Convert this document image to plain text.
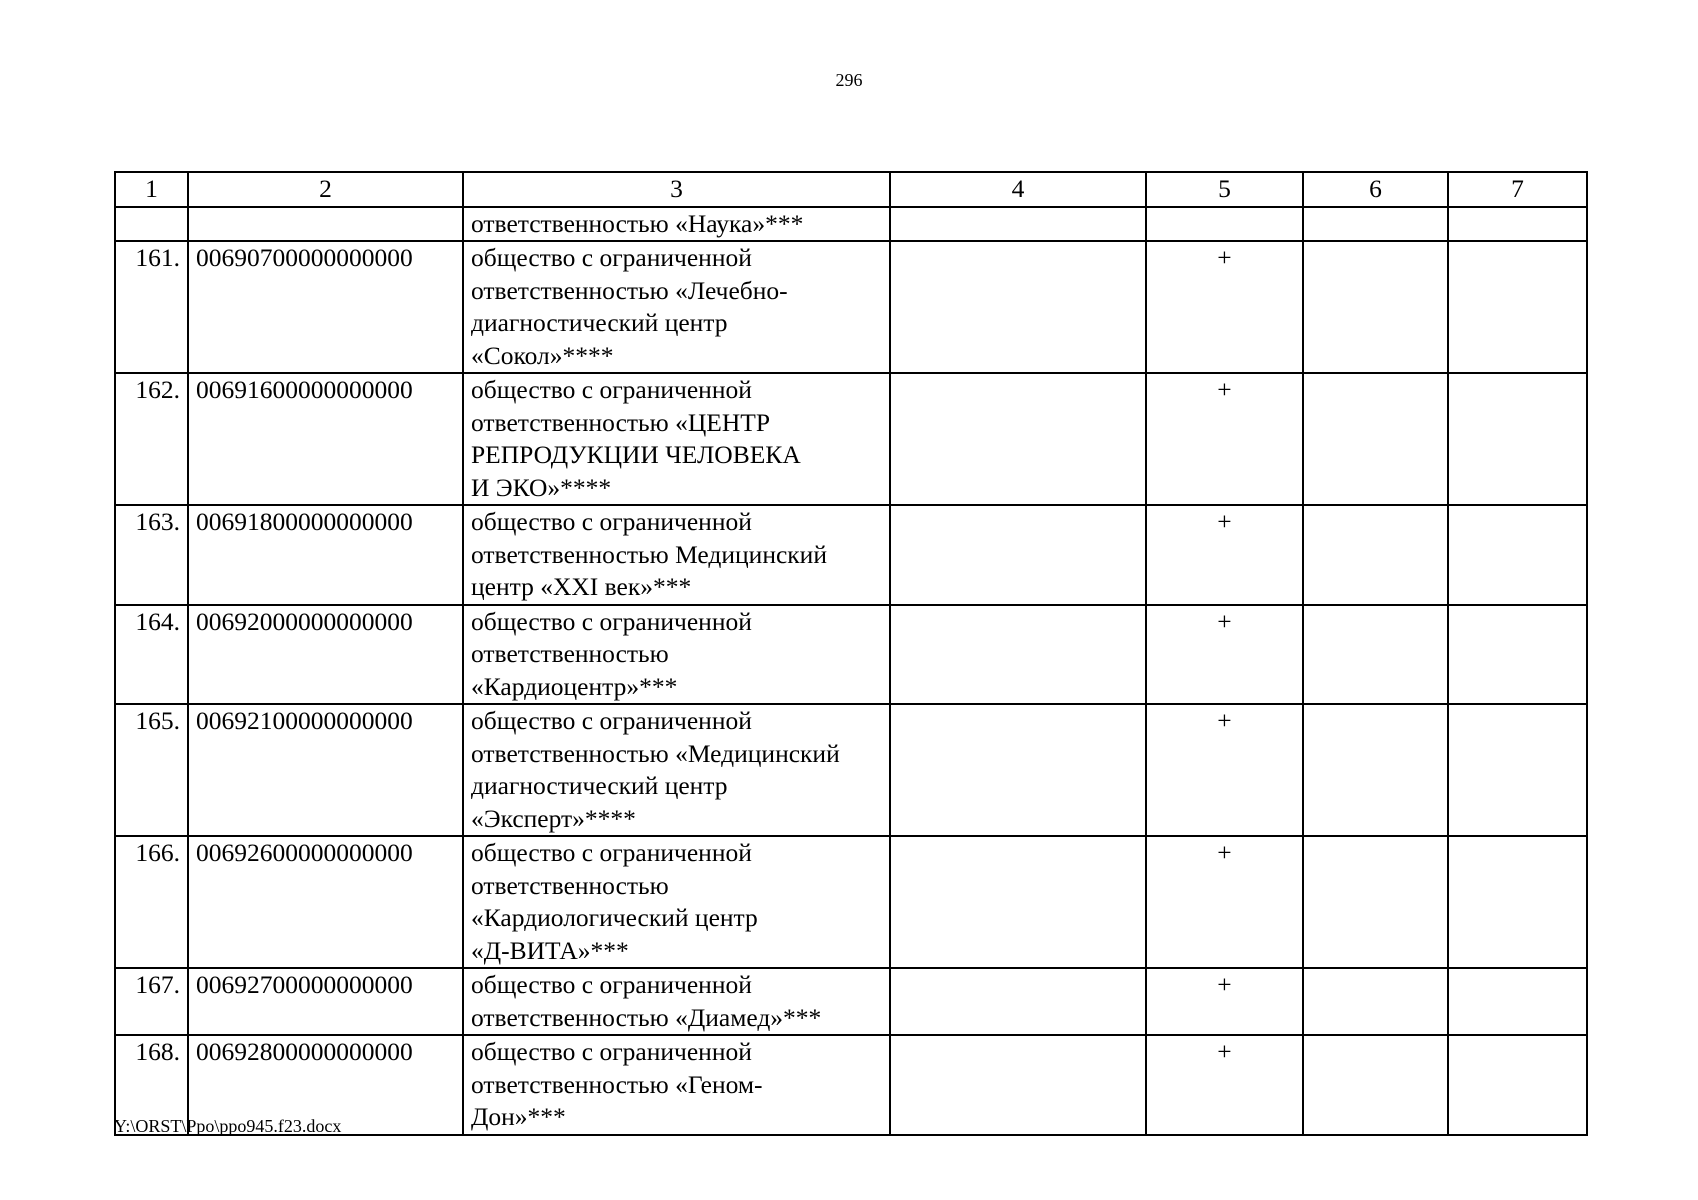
296
1	2	3	4	5	6	7

		ответственностью «Наука»***				

161.	00690700000000000	общество с ограниченной
ответственностью «Лечебно-
диагностический центр
«Сокол»****		+		
162.	00691600000000000	общество с ограниченной
ответственностью «ЦЕНТР
РЕПРОДУКЦИИ ЧЕЛОВЕКА
И ЭКО»****		+		
163.	00691800000000000	общество с ограниченной
ответственностью Медицинский
центр «XXI век»***		+		
164.	00692000000000000	общество с ограниченной
ответственностью
«Кардиоцентр»***		+		
165.	00692100000000000	общество с ограниченной
ответственностью «Медицинский
диагностический центр
«Эксперт»****		+		
166.	00692600000000000	общество с ограниченной
ответственностью
«Кардиологический центр
«Д-ВИТА»***		+		
167.	00692700000000000	общество с ограниченной
ответственностью «Диамед»***		+		
168.	00692800000000000	общество с ограниченной
ответственностью «Геном-
Дон»***		+		
Y:\ORST\Ppo\ppo945.f23.docx
